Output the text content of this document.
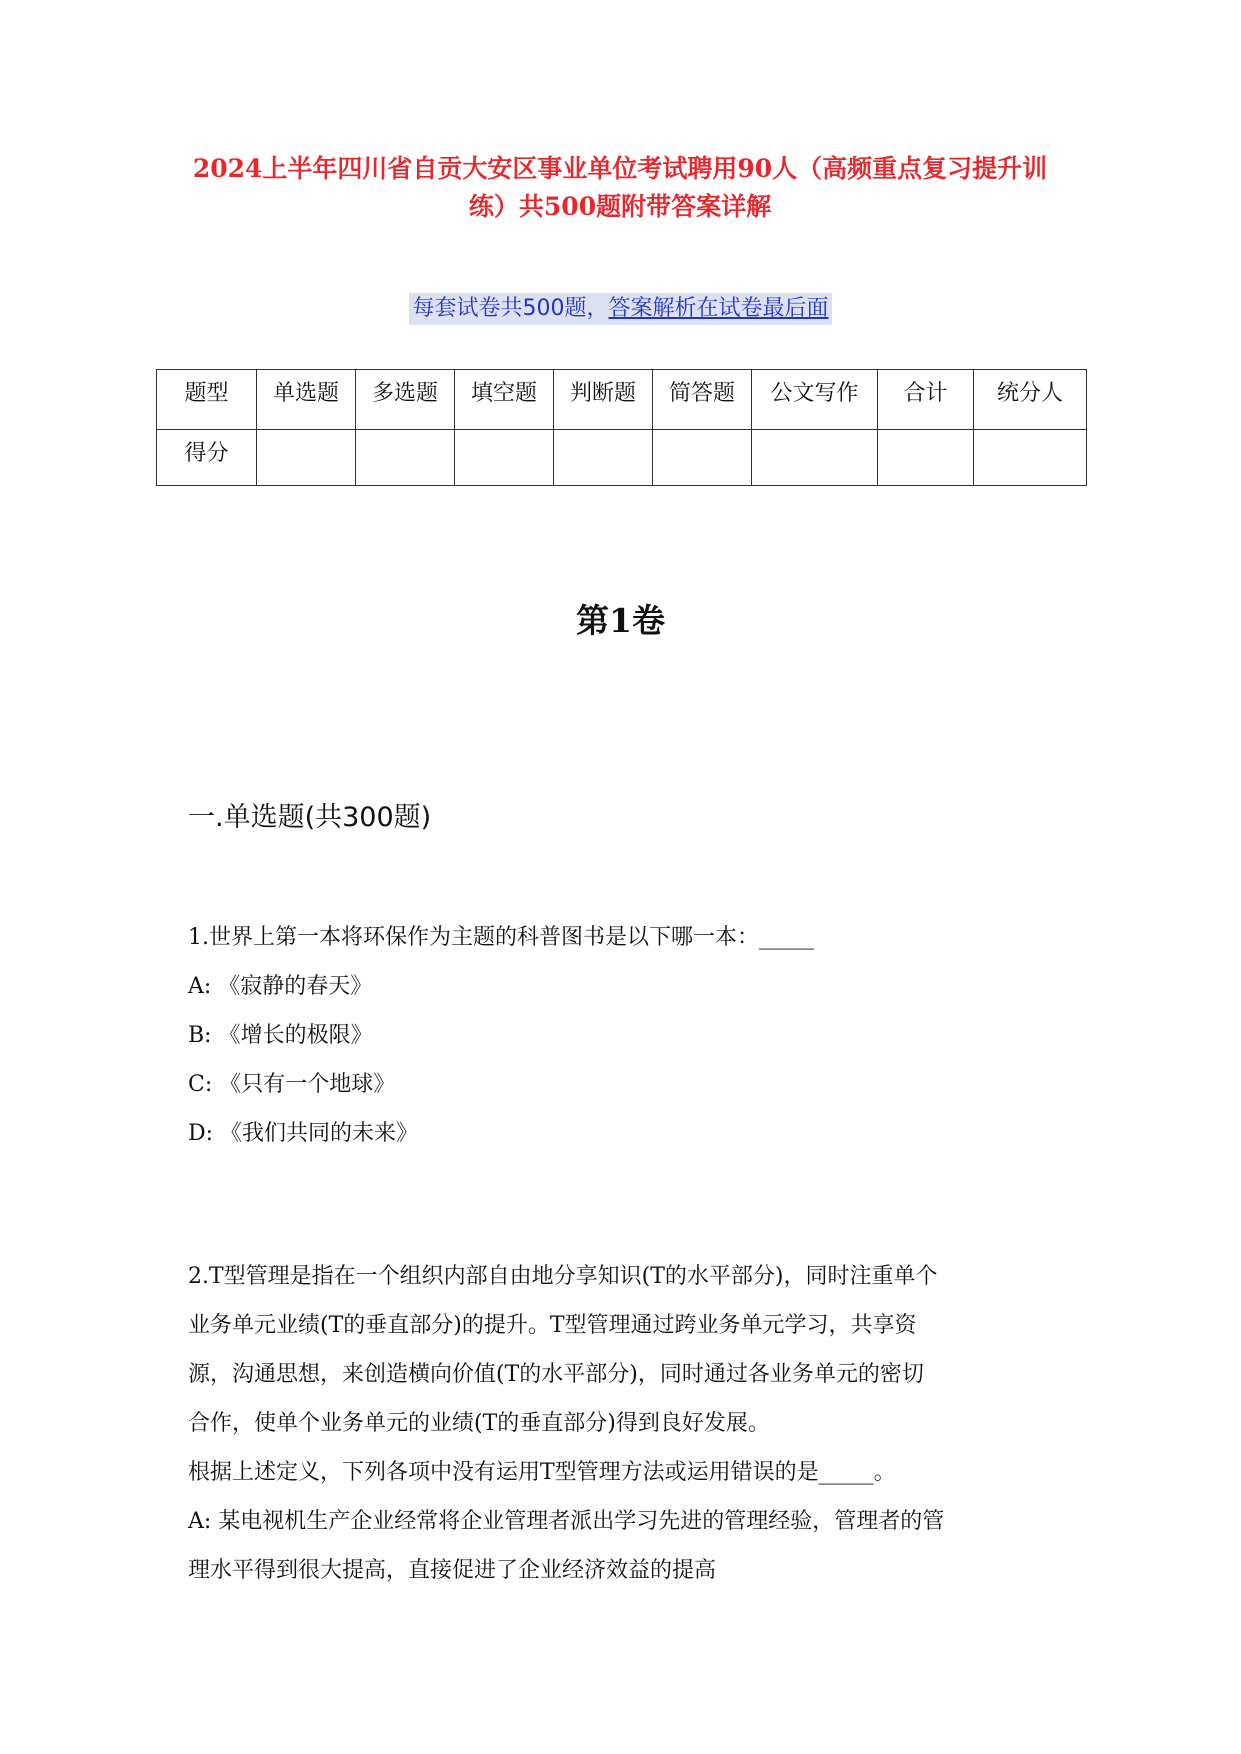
2024上半年四川省自贡大安区事业单位考试聘用90人（高频重点复习提升训练）共500题附带答案详解
每套试卷共500题，答案解析在试卷最后面
题型	单选题	多选题	填空题	判断题	简答题	公文写作	合计	统分人
得分								
第1卷
一.单选题(共300题)

1.世界上第一本将环保作为主题的科普图书是以下哪一本：_____

A: 《寂静的春天》

B: 《增长的极限》

C: 《只有一个地球》

D: 《我们共同的未来》

2.T型管理是指在一个组织内部自由地分享知识(T的水平部分)，同时注重单个

业务单元业绩(T的垂直部分)的提升。T型管理通过跨业务单元学习，共享资

源，沟通思想，来创造横向价值(T的水平部分)，同时通过各业务单元的密切

合作，使单个业务单元的业绩(T的垂直部分)得到良好发展。

根据上述定义，下列各项中没有运用T型管理方法或运用错误的是_____。

A: 某电视机生产企业经常将企业管理者派出学习先进的管理经验，管理者的管

理水平得到很大提高，直接促进了企业经济效益的提高
